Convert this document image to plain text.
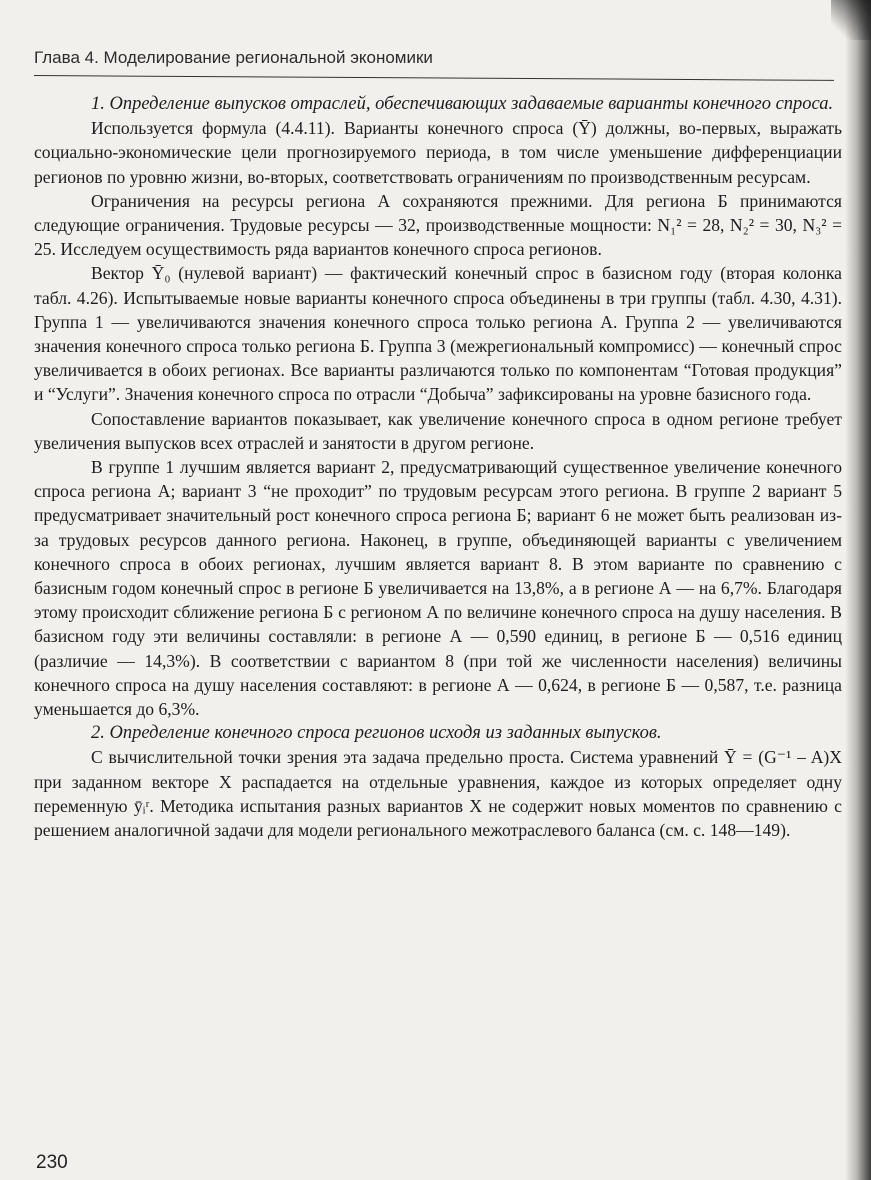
Глава 4. Моделирование региональной экономики

1. Определение выпусков отраслей, обеспечивающих задаваемые варианты конечного спроса.

Используется формула (4.4.11). Варианты конечного спроса (Ȳ) должны, во-первых, выражать социально-экономические цели прогнозируемого периода, в том числе уменьшение дифференциации регионов по уровню жизни, во-вторых, соответствовать ограничениям по производственным ресурсам.

Ограничения на ресурсы региона А сохраняются прежними. Для региона Б принимаются следующие ограничения. Трудовые ресурсы — 32, производственные мощности: N₁² = 28, N₂² = 30, N₃² = 25. Исследуем осуществимость ряда вариантов конечного спроса регионов.

Вектор Ȳ₀ (нулевой вариант) — фактический конечный спрос в базисном году (вторая колонка табл. 4.26). Испытываемые новые варианты конечного спроса объединены в три группы (табл. 4.30, 4.31). Группа 1 — увеличиваются значения конечного спроса только региона А. Группа 2 — увеличиваются значения конечного спроса только региона Б. Группа 3 (межрегиональный компромисс) — конечный спрос увеличивается в обоих регионах. Все варианты различаются только по компонентам “Готовая продукция” и “Услуги”. Значения конечного спроса по отрасли “Добыча” зафиксированы на уровне базисного года.

Сопоставление вариантов показывает, как увеличение конечного спроса в одном регионе требует увеличения выпусков всех отраслей и занятости в другом регионе.

В группе 1 лучшим является вариант 2, предусматривающий существенное увеличение конечного спроса региона А; вариант 3 “не проходит” по трудовым ресурсам этого региона. В группе 2 вариант 5 предусматривает значительный рост конечного спроса региона Б; вариант 6 не может быть реализован из-за трудовых ресурсов данного региона. Наконец, в группе, объединяющей варианты с увеличением конечного спроса в обоих регионах, лучшим является вариант 8. В этом варианте по сравнению с базисным годом конечный спрос в регионе Б увеличивается на 13,8%, а в регионе А — на 6,7%. Благодаря этому происходит сближение региона Б с регионом А по величине конечного спроса на душу населения. В базисном году эти величины составляли: в регионе А — 0,590 единиц, в регионе Б — 0,516 единиц (различие — 14,3%). В соответствии с вариантом 8 (при той же численности населения) величины конечного спроса на душу населения составляют: в регионе А — 0,624, в регионе Б — 0,587, т.е. разница уменьшается до 6,3%.

2. Определение конечного спроса регионов исходя из заданных выпусков.

С вычислительной точки зрения эта задача предельно проста. Система уравнений Ȳ = (G⁻¹ – A)X при заданном векторе X распадается на отдельные уравнения, каждое из которых определяет одну переменную ȳᵢʳ. Методика испытания разных вариантов X не содержит новых моментов по сравнению с решением аналогичной задачи для модели регионального межотраслевого баланса (см. с. 148—149).

230
